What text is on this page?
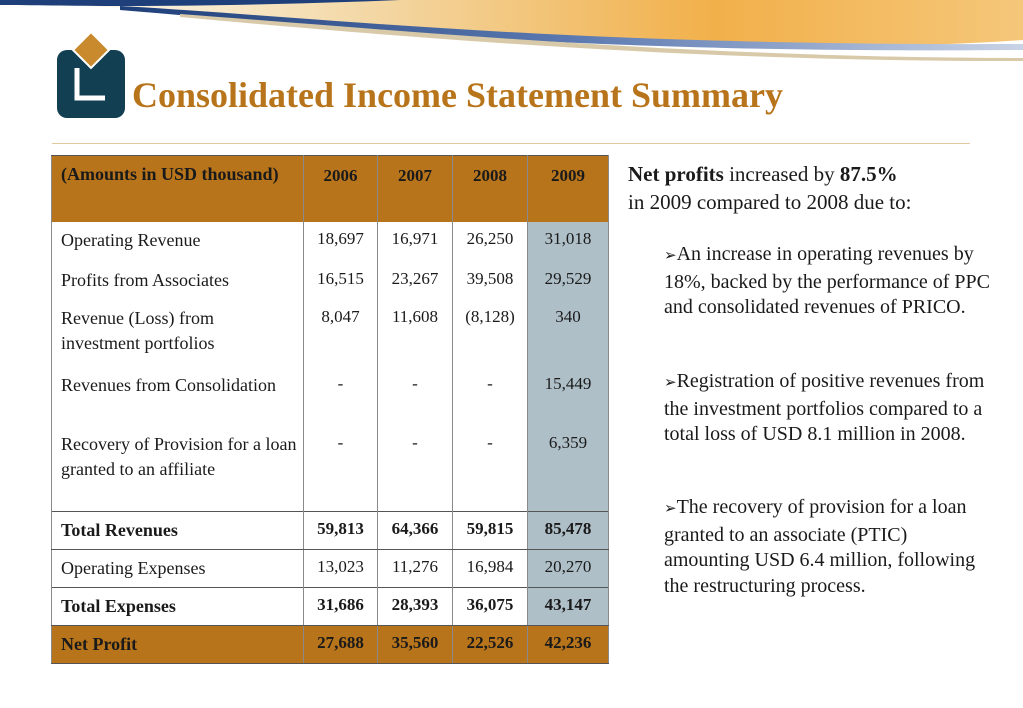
Consolidated Income Statement Summary
(Amounts in USD thousand)	2006	2007	2008	2009
Operating Revenue	18,697	16,971	26,250	31,018
Profits from Associates	16,515	23,267	39,508	29,529
Revenue (Loss) from investment portfolios	8,047	11,608	(8,128)	340
Revenues from Consolidation	-	-	-	15,449
Recovery of Provision for a loan granted to an affiliate	-	-	-	6,359
Total Revenues	59,813	64,366	59,815	85,478
Operating Expenses	13,023	11,276	16,984	20,270
Total Expenses	31,686	28,393	36,075	43,147
Net Profit	27,688	35,560	22,526	42,236

Net profits increased by 87.5%
in 2009 compared to 2008 due to:

➢An increase in operating revenues by 18%, backed by the performance of PPC and consolidated revenues of PRICO.
➢Registration of positive revenues from the investment portfolios compared to a total loss of USD 8.1 million in 2008.
➢The recovery of provision for a loan granted to an associate (PTIC) amounting USD 6.4 million, following the restructuring process.
